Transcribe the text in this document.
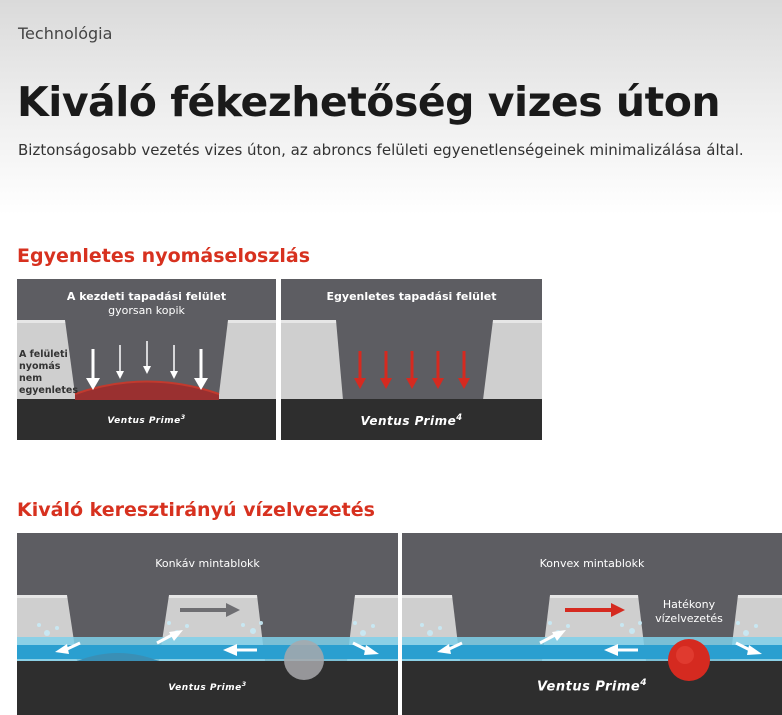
Technológia
Kiváló fékezhetőség vizes úton
Biztonságosabb vezetés vizes úton, az abroncs felületi egyenetlenségeinek minimalizálása által.
Egyenletes nyomáseloszlás
A kezdeti tapadási felület
gyorsan kopik
A felületi nyomás nem egyenletes
Ventus Prime$^3$
Egyenletes tapadási felület
Ventus Prime$^4$
Kiváló keresztirányú vízelvezetés
Konkáv mintablokk
Ventus Prime$^3$
Konvex mintablokk
Hatékony vízelvezetés
Ventus Prime$^4$
